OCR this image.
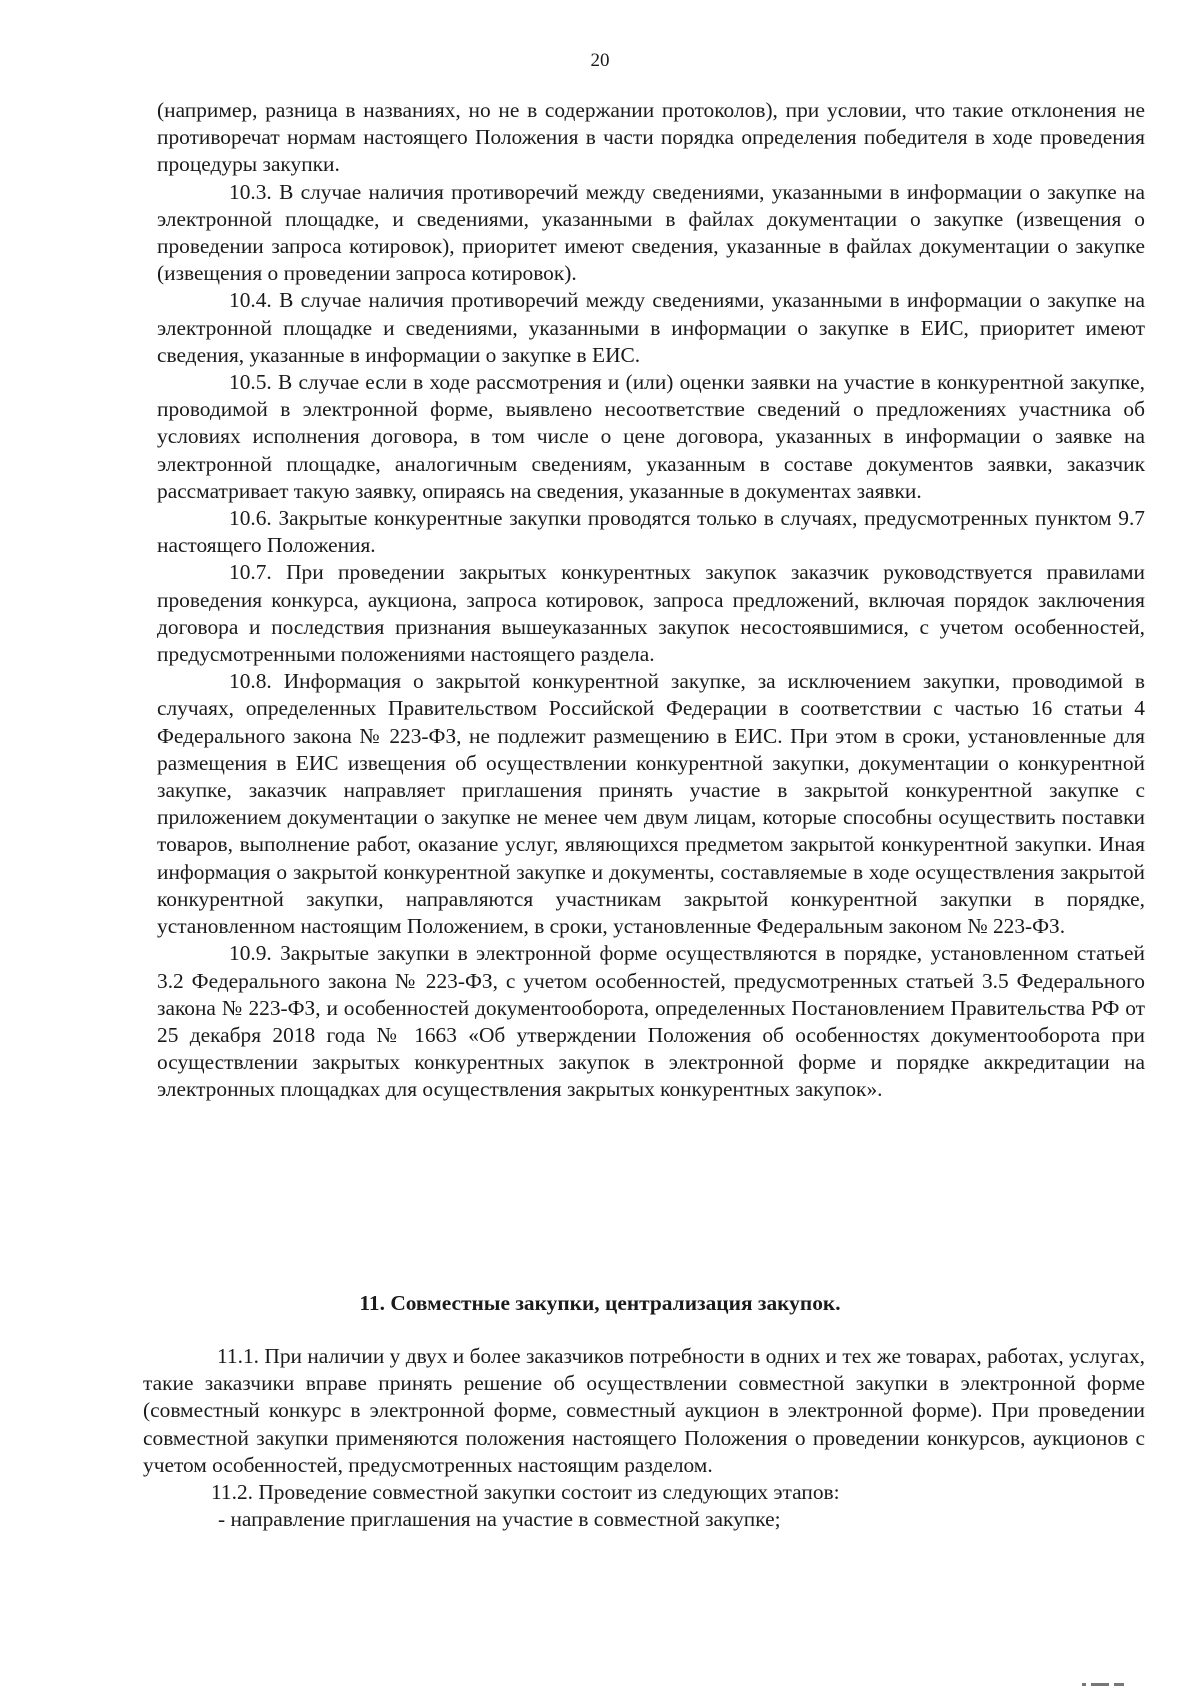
20

(например, разница в названиях, но не в содержании протоколов), при условии, что такие отклонения не противоречат нормам настоящего Положения в части порядка определения победителя в ходе проведения процедуры закупки.

10.3. В случае наличия противоречий между сведениями, указанными в информации о закупке на электронной площадке, и сведениями, указанными в файлах документации о закупке (извещения о проведении запроса котировок), приоритет имеют сведения, указанные в файлах документации о закупке (извещения о проведении запроса котировок).

10.4. В случае наличия противоречий между сведениями, указанными в информации о закупке на электронной площадке и сведениями, указанными в информации о закупке в ЕИС, приоритет имеют сведения, указанные в информации о закупке в ЕИС.

10.5. В случае если в ходе рассмотрения и (или) оценки заявки на участие в конкурентной закупке, проводимой в электронной форме, выявлено несоответствие сведений о предложениях участника об условиях исполнения договора, в том числе о цене договора, указанных в информации о заявке на электронной площадке, аналогичным сведениям, указанным в составе документов заявки, заказчик рассматривает такую заявку, опираясь на сведения, указанные в документах заявки.

10.6. Закрытые конкурентные закупки проводятся только в случаях, предусмотренных пунктом 9.7 настоящего Положения.

10.7. При проведении закрытых конкурентных закупок заказчик руководствуется правилами проведения конкурса, аукциона, запроса котировок, запроса предложений, включая порядок заключения договора и последствия признания вышеуказанных закупок несостоявшимися, с учетом особенностей, предусмотренными положениями настоящего раздела.

10.8. Информация о закрытой конкурентной закупке, за исключением закупки, проводимой в случаях, определенных Правительством Российской Федерации в соответствии с частью 16 статьи 4 Федерального закона № 223-ФЗ, не подлежит размещению в ЕИС. При этом в сроки, установленные для размещения в ЕИС извещения об осуществлении конкурентной закупки, документации о конкурентной закупке, заказчик направляет приглашения принять участие в закрытой конкурентной закупке с приложением документации о закупке не менее чем двум лицам, которые способны осуществить поставки товаров, выполнение работ, оказание услуг, являющихся предметом закрытой конкурентной закупки. Иная информация о закрытой конкурентной закупке и документы, составляемые в ходе осуществления закрытой конкурентной закупки, направляются участникам закрытой конкурентной закупки в порядке, установленном настоящим Положением, в сроки, установленные Федеральным законом № 223-ФЗ.

10.9. Закрытые закупки в электронной форме осуществляются в порядке, установленном статьей 3.2 Федерального закона № 223-ФЗ, с учетом особенностей, предусмотренных статьей 3.5 Федерального закона № 223-ФЗ, и особенностей документооборота, определенных Постановлением Правительства РФ от 25 декабря 2018 года № 1663 «Об утверждении Положения об особенностях документооборота при осуществлении закрытых конкурентных закупок в электронной форме и порядке аккредитации на электронных площадках для осуществления закрытых конкурентных закупок».

11. Совместные закупки, централизация закупок.

11.1. При наличии у двух и более заказчиков потребности в одних и тех же товарах, работах, услугах, такие заказчики вправе принять решение об осуществлении совместной закупки в электронной форме (совместный конкурс в электронной форме, совместный аукцион в электронной форме). При проведении совместной закупки применяются положения настоящего Положения о проведении конкурсов, аукционов с учетом особенностей, предусмотренных настоящим разделом.

11.2. Проведение совместной закупки состоит из следующих этапов:

- направление приглашения на участие в совместной закупке;
